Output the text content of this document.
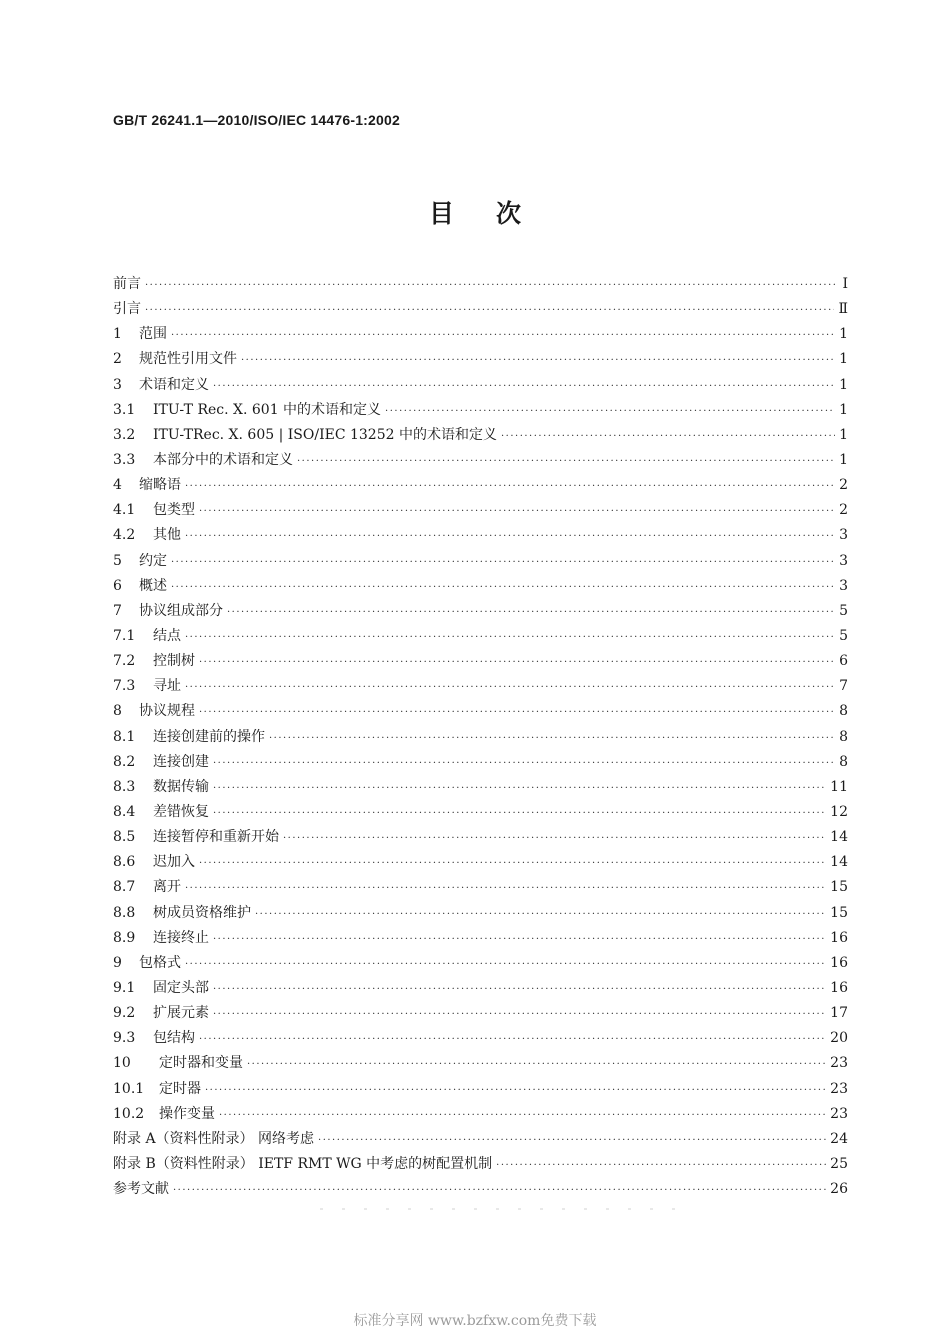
GB/T 26241.1—2010/ISO/IEC 14476-1:2002
目次
前言 ·····	Ⅰ
引言 ·····	Ⅱ
1	范围 ·····	1
2	规范性引用文件 ·····	1
3	术语和定义 ·····	1
3.1	ITU-T Rec. X. 601 中的术语和定义 ·····	1
3.2	ITU-TRec. X. 605 | ISO/IEC 13252 中的术语和定义 ·····	1
3.3	本部分中的术语和定义 ·····	1
4	缩略语 ·····	2
4.1	包类型 ·····	2
4.2	其他 ·····	3
5	约定 ·····	3
6	概述 ·····	3
7	协议组成部分 ·····	5
7.1	结点 ·····	5
7.2	控制树 ·····	6
7.3	寻址 ·····	7
8	协议规程 ·····	8
8.1	连接创建前的操作 ·····	8
8.2	连接创建 ·····	8
8.3	数据传输 ·····	11
8.4	差错恢复 ·····	12
8.5	连接暂停和重新开始 ·····	14
8.6	迟加入 ·····	14
8.7	离开 ·····	15
8.8	树成员资格维护 ·····	15
8.9	连接终止 ·····	16
9	包格式 ·····	16
9.1	固定头部 ·····	16
9.2	扩展元素 ·····	17
9.3	包结构 ·····	20
10	定时器和变量 ·····	23
10.1	定时器 ·····	23
10.2	操作变量 ·····	23
附录 A（资料性附录） 网络考虑 ·····	24
附录 B（资料性附录） IETF RMT WG 中考虑的树配置机制 ·····	25
参考文献 ·····	26
标准分享网 www.bzfxw.com免费下载
